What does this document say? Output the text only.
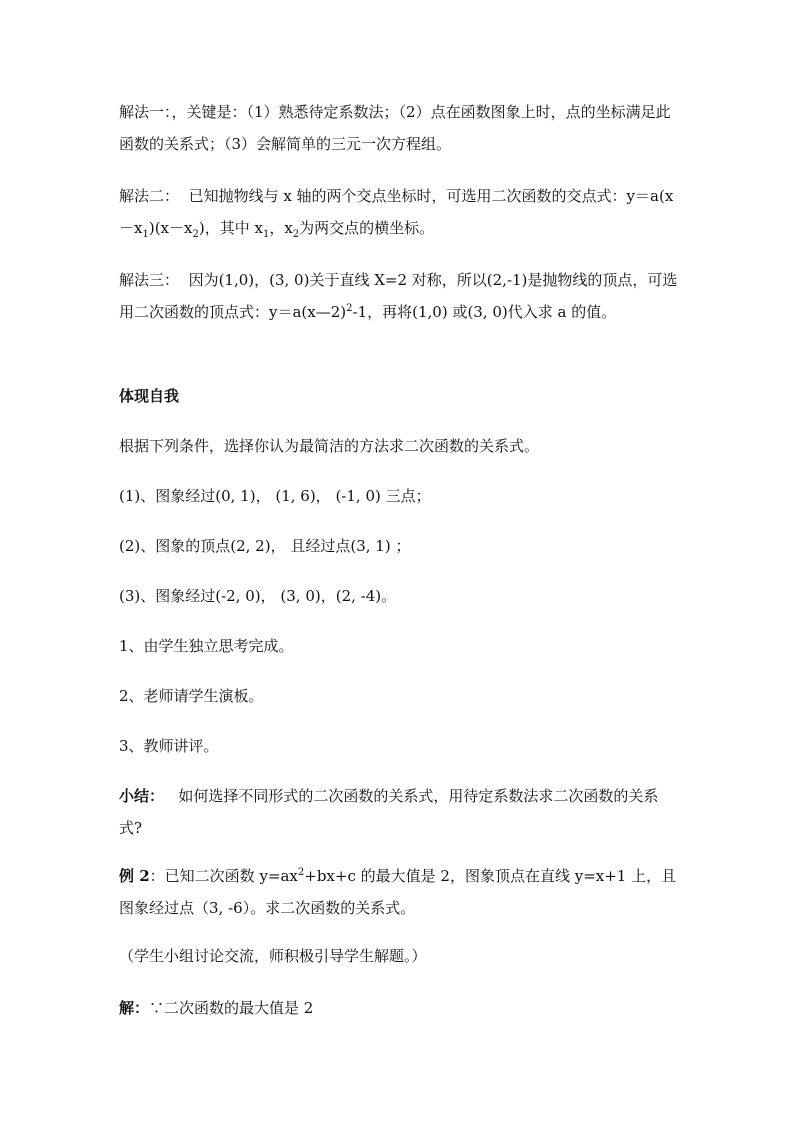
解法一：，关键是：（1）熟悉待定系数法；（2）点在函数图象上时，点的坐标满足此函数的关系式；（3）会解简单的三元一次方程组。

解法二： 已知抛物线与 x 轴的两个交点坐标时，可选用二次函数的交点式：$y=a(x-x_1)(x-x_2)$，其中 $x_1$，$x_2$为两交点的横坐标。

解法三： 因为(1,0)，(3, 0)关于直线 X=2 对称，所以(2,-1)是抛物线的顶点，可选用二次函数的顶点式：y＝a(x—2)$^2$-1，再将(1,0) 或(3, 0)代入求 a 的值。

体现自我

根据下列条件，选择你认为最简洁的方法求二次函数的关系式。

(1)、图象经过(0, 1)， (1, 6)， (-1, 0) 三点；

(2)、图象的顶点(2, 2)， 且经过点(3, 1) ；

(3)、图象经过(-2, 0)， (3, 0)，(2, -4)。

1、由学生独立思考完成。

2、老师请学生演板。

3、教师讲评。

小结： 如何选择不同形式的二次函数的关系式，用待定系数法求二次函数的关系式?

例 2：已知二次函数 $y=ax^2+bx+c$ 的最大值是 2，图象顶点在直线 y=x+1 上，且图象经过点（3, -6）。求二次函数的关系式。

（学生小组讨论交流，师积极引导学生解题。）

解：∵二次函数的最大值是 2
